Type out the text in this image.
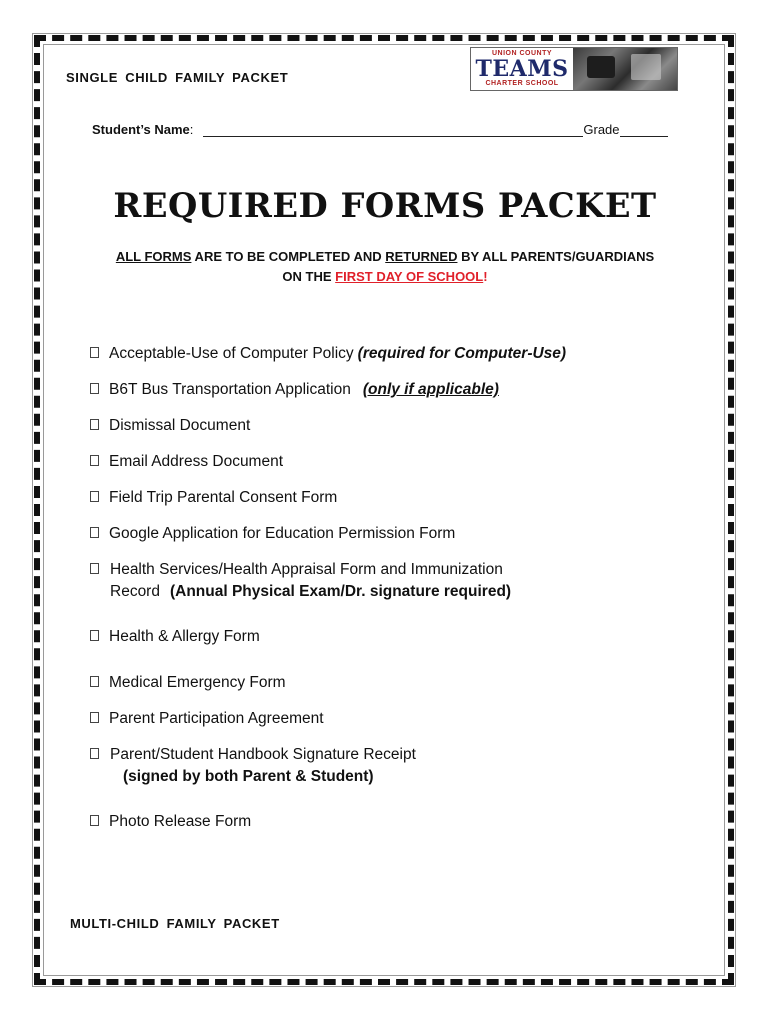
SINGLE CHILD FAMILY PACKET
UNION COUNTY
TEAMS
CHARTER SCHOOL
Student’s Name :	Grade
REQUIRED FORMS PACKET
ALL FORMS ARE TO BE COMPLETED AND RETURNED BY ALL PARENTS/GUARDIANS
ON THE FIRST DAY OF SCHOOL!
Acceptable-Use of Computer Policy (required for Computer-Use)
B6T Bus Transportation Application (only if applicable)
Dismissal Document
Email Address Document
Field Trip Parental Consent Form
Google Application for Education Permission Form
Health Services/Health Appraisal Form and Immunization
Record (Annual Physical Exam/Dr. signature required)
Health & Allergy Form
Medical Emergency Form
Parent Participation Agreement
Parent/Student Handbook Signature Receipt
(signed by both Parent & Student)
Photo Release Form
MULTI-CHILD FAMILY PACKET
